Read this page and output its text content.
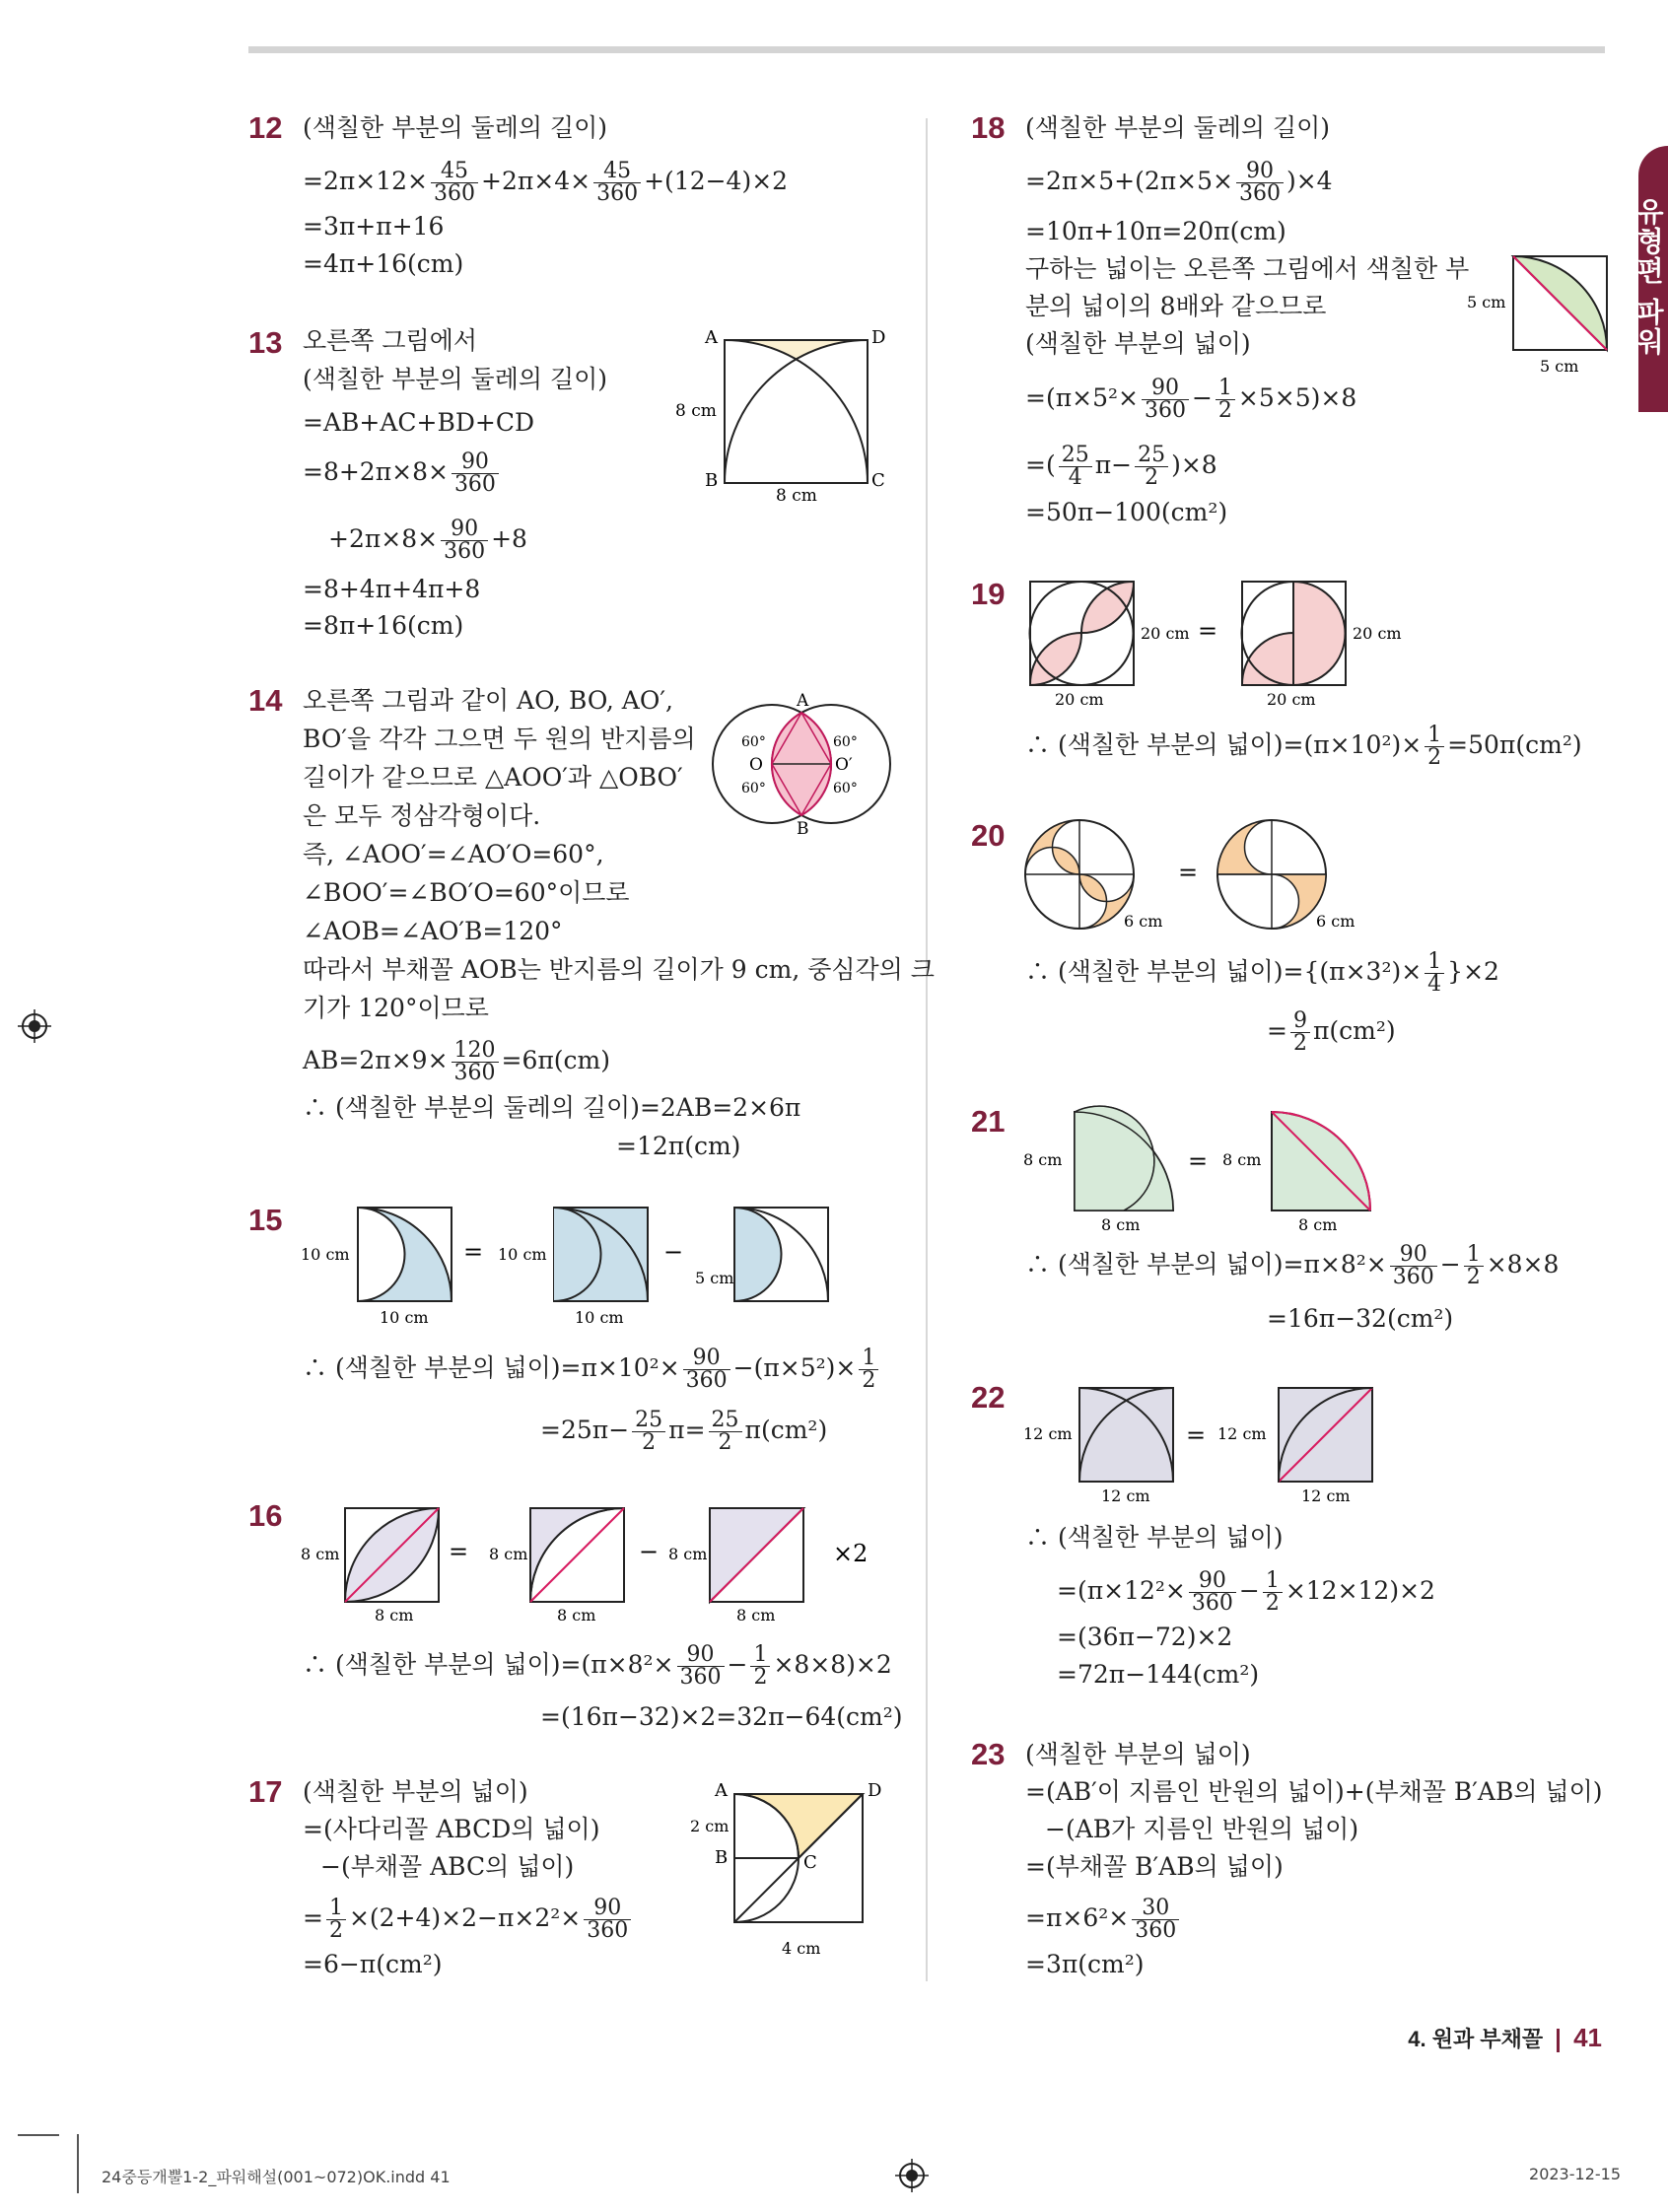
유형편 파워
12 (색칠한 부분의 둘레의 길이)
$=2\pi\times 12\times \frac{45}{360} +2\pi\times 4\times \frac{45}{360} +(12-4)\times 2$
=3π+π+16
=4π+16(cm)
13 오른쪽 그림에서
(색칠한 부분의 둘레의 길이)
=AB+AC+BD+CD
$=8+2\pi\times 8\times \frac{90}{360}$
$+2\pi\times 8\times \frac{90}{360} +8$
=8+4π+4π+8
=8π+16(cm)
A	D
B	C
8 cm
8 cm
14 오른쪽 그림과 같이 AO, BO, AO′,
BO′을 각각 그으면 두 원의 반지름의
길이가 같으므로 △AOO′과 △OBO′
은 모두 정삼각형이다.
즉, ∠AOO′=∠AO′O=60°,
∠BOO′=∠BO′O=60°이므로
∠AOB=∠AO′B=120°
따라서 부채꼴 AOB는 반지름의 길이가 9 cm, 중심각의 크
기가 120°이므로
$AB=2\pi\times 9\times \frac{120}{360} =6\pi(cm)$
∴ (색칠한 부분의 둘레의 길이)=2AB=2×6π
=12π(cm)
A
B
O	O′
60°	60°
60°	60°
15
10 cm
10 cm
= 10 cm
10 cm
−
5 cm
∴ (색칠한 부분의 넓이)$=\pi\times 10^2\times \frac{90}{360} -(\pi\times 5^2)\times \frac{1}{2}$
$=25\pi- \frac{25}{2} \pi= \frac{25}{2} \pi(cm^2)$
16
8 cm
8 cm
= 8 cm
8 cm
− 8 cm
8 cm
×2
∴ (색칠한 부분의 넓이)$=(\pi\times 8^2\times \frac{90}{360} - \frac{1}{2} \times 8\times 8)\times 2$
=(16π−32)×2=32π−64(cm²)
17 (색칠한 부분의 넓이)
=(사다리꼴 ABCD의 넓이)
−(부채꼴 ABC의 넓이)
= $\frac{1}{2} \times(2+4)\times 2-\pi\times 2^2\times \frac{90}{360}$
=6−π(cm²)
A	D
B	C
2 cm
4 cm
18 (색칠한 부분의 둘레의 길이)
$=2\pi\times 5+(2\pi\times 5\times \frac{90}{360} )\times 4$
=10π+10π=20π(cm)
구하는 넓이는 오른쪽 그림에서 색칠한 부
분의 넓이의 8배와 같으므로
(색칠한 부분의 넓이)
$=(\pi\times 5^2\times \frac{90}{360} - \frac{1}{2} \times 5\times 5)\times 8$
=( $\frac{25}{4} \pi- \frac{25}{2} )\times 8$
=50π−100(cm²)
5 cm
5 cm
19
20 cm
20 cm
=	20 cm
20 cm
∴ (색칠한 부분의 넓이)$=(\pi\times 10^2)\times \frac{1}{2} =50\pi(cm^2)$
20
6 cm
=
6 cm
∴ (색칠한 부분의 넓이)$=\{(\pi\times 3^2)\times \frac{1}{4} \}\times 2$
= $\frac{9}{2} \pi(cm^2)$
21
8 cm
8 cm
= 8 cm
8 cm
∴ (색칠한 부분의 넓이)$=\pi\times 8^2\times \frac{90}{360} - \frac{1}{2} \times 8\times 8$
=16π−32(cm²)
22
12 cm
12 cm
= 12 cm
12 cm
∴ (색칠한 부분의 넓이)
$=(\pi\times 12^2\times \frac{90}{360} - \frac{1}{2} \times 12\times 12)\times 2$
=(36π−72)×2
=72π−144(cm²)
23 (색칠한 부분의 넓이)
=(AB′이 지름인 반원의 넓이)+(부채꼴 B′AB의 넓이)
−(AB가 지름인 반원의 넓이)
=(부채꼴 B′AB의 넓이)
$=\pi\times 6^2\times \frac{30}{360}$
=3π(cm²)
4. 원과 부채꼴 41
24중등개뿔1-2_파워해설(001~072)OK.indd 41	2023-12-15
